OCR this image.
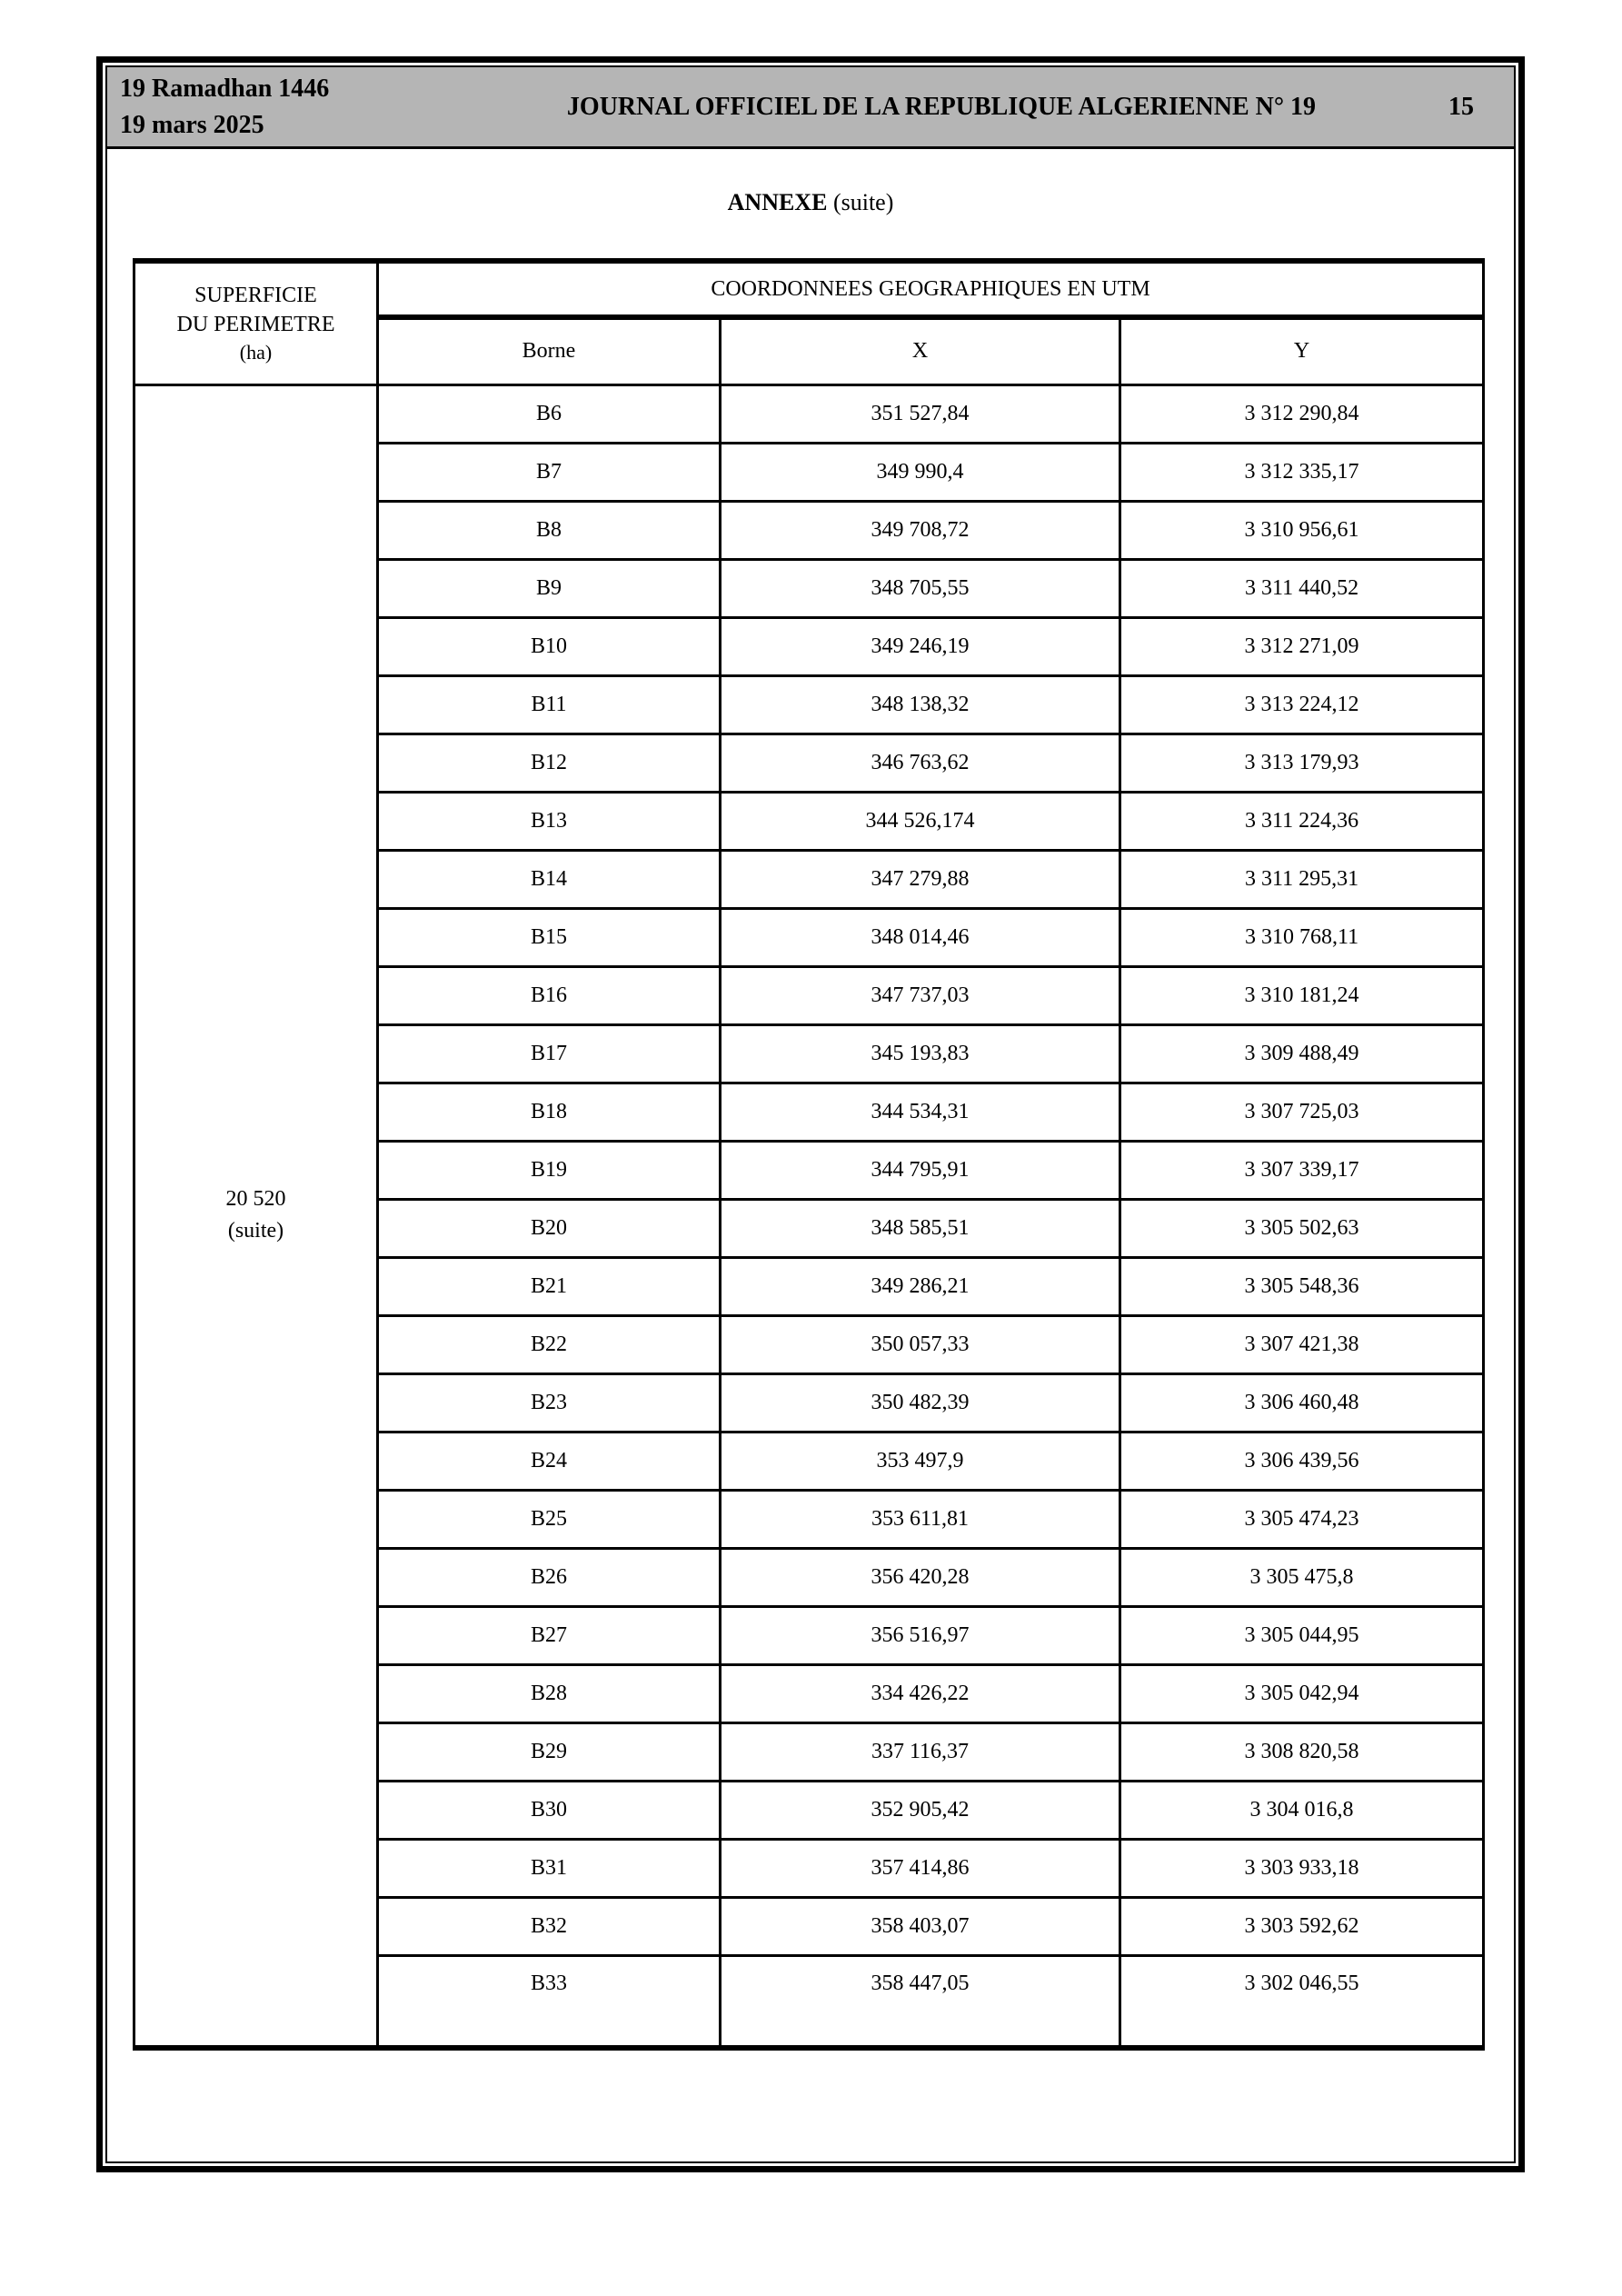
19 Ramadhan 1446
19 mars 2025
JOURNAL OFFICIEL DE LA REPUBLIQUE ALGERIENNE N° 19	15
ANNEXE (suite)
SUPERFICIE
DU PERIMETRE
(ha)	COORDONNEES GEOGRAPHIQUES EN UTM		
	Borne	X	Y

20 520
(suite)	B6	351 527,84	3 312 290,84
	B7	349 990,4	3 312 335,17
	B8	349 708,72	3 310 956,61
	B9	348 705,55	3 311 440,52
	B10	349 246,19	3 312 271,09
	B11	348 138,32	3 313 224,12
	B12	346 763,62	3 313 179,93
	B13	344 526,174	3 311 224,36
	B14	347 279,88	3 311 295,31
	B15	348 014,46	3 310 768,11
	B16	347 737,03	3 310 181,24
	B17	345 193,83	3 309 488,49
	B18	344 534,31	3 307 725,03
	B19	344 795,91	3 307 339,17
	B20	348 585,51	3 305 502,63
	B21	349 286,21	3 305 548,36
	B22	350 057,33	3 307 421,38
	B23	350 482,39	3 306 460,48
	B24	353 497,9	3 306 439,56
	B25	353 611,81	3 305 474,23
	B26	356 420,28	3 305 475,8
	B27	356 516,97	3 305 044,95
	B28	334 426,22	3 305 042,94
	B29	337 116,37	3 308 820,58
	B30	352 905,42	3 304 016,8
	B31	357 414,86	3 303 933,18
	B32	358 403,07	3 303 592,62
	B33	358 447,05	3 302 046,55
